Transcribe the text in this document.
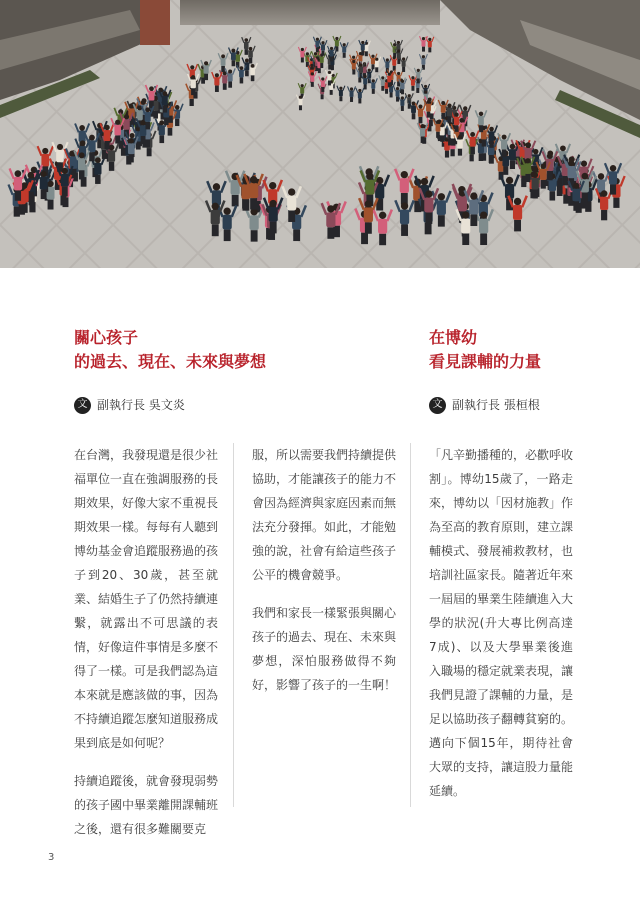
關心孩子
的過去、現在、未來與夢想
文 副執行長 吳文炎

在台灣，我發現還是很少社福單位一直在強調服務的長期效果，好像大家不重視長期效果一樣。每每有人聽到博幼基金會追蹤服務過的孩子到20、30歲，甚至就業、結婚生子了仍然持續連繫，就露出不可思議的表情，好像這件事情是多麼不得了一樣。可是我們認為這本來就是應該做的事，因為不持續追蹤怎麼知道服務成果到底是如何呢？

持續追蹤後，就會發現弱勢的孩子國中畢業離開課輔班之後，還有很多難關要克

服，所以需要我們持續提供協助，才能讓孩子的能力不會因為經濟與家庭因素而無法充分發揮。如此，才能勉強的說，社會有給這些孩子公平的機會競爭。

我們和家長一樣緊張與關心孩子的過去、現在、未來與夢想，深怕服務做得不夠好，影響了孩子的一生啊！

在博幼
看見課輔的力量
文 副執行長 張桓根

「凡辛勤播種的，必歡呼收割」。博幼15歲了，一路走來，博幼以「因材施教」作為至高的教育原則，建立課輔模式、發展補救教材，也培訓社區家長。隨著近年來一屆屆的畢業生陸續進入大學的狀況(升大專比例高達7成)、以及大學畢業後進入職場的穩定就業表現，讓我們見證了課輔的力量，是足以協助孩子翻轉貧窮的。邁向下個15年，期待社會大眾的支持，讓這股力量能延續。

3
